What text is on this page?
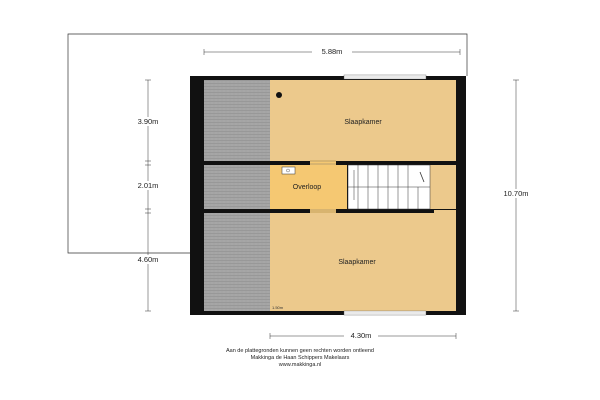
Slaapkamer
Overloop
Slaapkamer
1.50m
5.88m
3.90m
2.01m
4.60m
10.70m
4.30m
Aan de plattegronden kunnen geen rechten worden ontleend
Makkinga de Haan Schippers Makelaars
www.makkinga.nl
